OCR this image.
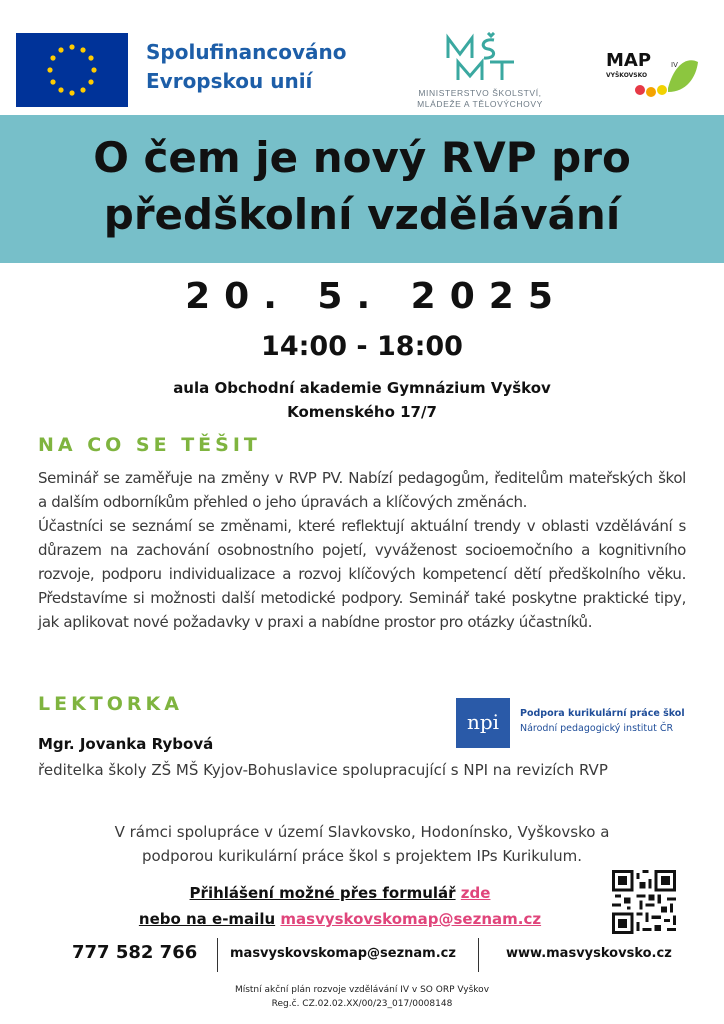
Spolufinancováno
Evropskou unií	MINISTERSTVO ŠKOLSTVÍ,
MLÁDEŽE A TĚLOVÝCHOVY
MAP	IV
VYŠKOVSKO
O čem je nový RVP pro
předškolní vzdělávání
20. 5. 2025
14:00 - 18:00
aula Obchodní akademie Gymnázium Vyškov
Komenského 17/7
NA CO SE TĚŠIT

Seminář se zaměřuje na změny v RVP PV. Nabízí pedagogům, ředitelům mateřských škol a dalším odborníkům přehled o jeho úpravách a klíčových změnách.

Účastníci se seznámí se změnami, které reflektují aktuální trendy v oblasti vzdělávání s důrazem na zachování osobnostního pojetí, vyváženost socioemočního a kognitivního rozvoje, podporu individualizace a rozvoj klíčových kompetencí dětí předškolního věku. Představíme si možnosti další metodické podpory. Seminář také poskytne praktické tipy, jak aplikovat nové požadavky v praxi a nabídne prostor pro otázky účastníků.

LEKTORKA
npi	Podpora kurikulární práce škol
Národní pedagogický institut ČR
Mgr. Jovanka Rybová
ředitelka školy ZŠ MŠ Kyjov-Bohuslavice spolupracující s NPI na revizích RVP
V rámci spolupráce v území Slavkovsko, Hodonínsko, Vyškovsko a
podporou kurikulární práce škol s projektem IPs Kurikulum.
Přihlášení možné přes formulář zde
nebo na e-mailu masvyskovskomap@seznam.cz
777 582 766	masvyskovskomap@seznam.cz	www.masvyskovsko.cz
Místní akční plán rozvoje vzdělávání IV v SO ORP Vyškov
Reg.č. CZ.02.02.XX/00/23_017/0008148
